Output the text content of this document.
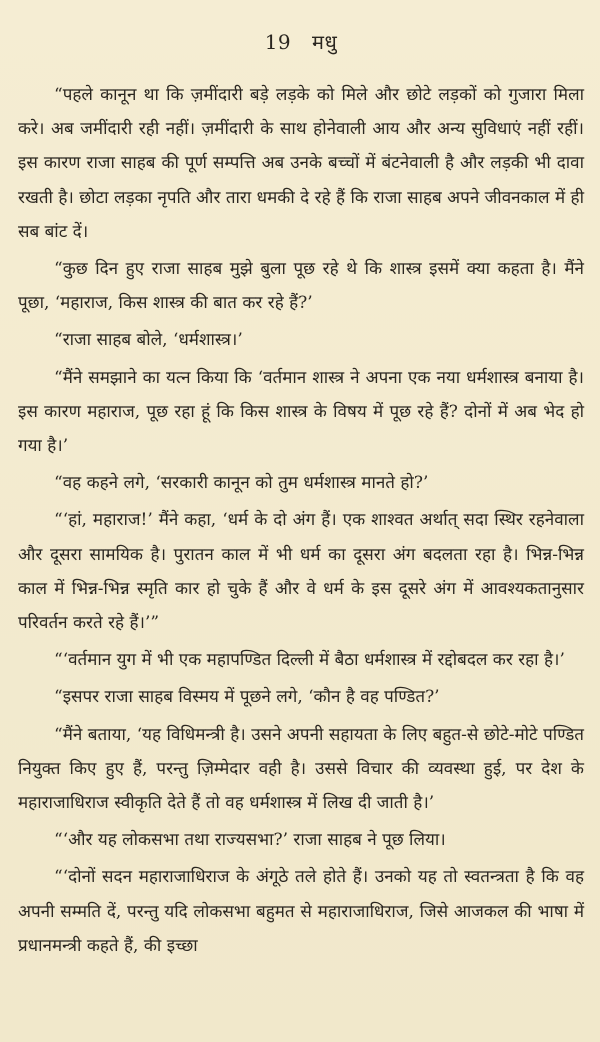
19 मधु

“पहले कानून था कि ज़मींदारी बड़े लड़के को मिले और छोटे लड़कों को गुजारा मिला करे। अब जमींदारी रही नहीं। ज़मींदारी के साथ होनेवाली आय और अन्य सुविधाएं नहीं रहीं। इस कारण राजा साहब की पूर्ण सम्पत्ति अब उनके बच्चों में बंटनेवाली है और लड़की भी दावा रखती है। छोटा लड़का नृपति और तारा धमकी दे रहे हैं कि राजा साहब अपने जीवनकाल में ही सब बांट दें।

“कुछ दिन हुए राजा साहब मुझे बुला पूछ रहे थे कि शास्त्र इसमें क्या कहता है। मैंने पूछा, ‘महाराज, किस शास्त्र की बात कर रहे हैं?’

“राजा साहब बोले, ‘धर्मशास्त्र।’

“मैंने समझाने का यत्न किया कि ‘वर्तमान शास्त्र ने अपना एक नया धर्मशास्त्र बनाया है। इस कारण महाराज, पूछ रहा हूं कि किस शास्त्र के विषय में पूछ रहे हैं? दोनों में अब भेद हो गया है।’

“वह कहने लगे, ‘सरकारी कानून को तुम धर्मशास्त्र मानते हो?’

“‘हां, महाराज!’ मैंने कहा, ‘धर्म के दो अंग हैं। एक शाश्वत अर्थात् सदा स्थिर रहनेवाला और दूसरा सामयिक है। पुरातन काल में भी धर्म का दूसरा अंग बदलता रहा है। भिन्न-भिन्न काल में भिन्न-भिन्न स्मृति कार हो चुके हैं और वे धर्म के इस दूसरे अंग में आवश्यकतानुसार परिवर्तन करते रहे हैं।’”

“‘वर्तमान युग में भी एक महापण्डित दिल्ली में बैठा धर्मशास्त्र में रद्दोबदल कर रहा है।’

“इसपर राजा साहब विस्मय में पूछने लगे, ‘कौन है वह पण्डित?’

“मैंने बताया, ‘यह विधिमन्त्री है। उसने अपनी सहायता के लिए बहुत-से छोटे-मोटे पण्डित नियुक्त किए हुए हैं, परन्तु ज़िम्मेदार वही है। उससे विचार की व्यवस्था हुई, पर देश के महाराजाधिराज स्वीकृति देते हैं तो वह धर्मशास्त्र में लिख दी जाती है।’

“‘और यह लोकसभा तथा राज्यसभा?’ राजा साहब ने पूछ लिया।

“‘दोनों सदन महाराजाधिराज के अंगूठे तले होते हैं। उनको यह तो स्वतन्त्रता है कि वह अपनी सम्मति दें, परन्तु यदि लोकसभा बहुमत से महाराजाधिराज, जिसे आजकल की भाषा में प्रधानमन्त्री कहते हैं, की इच्छा
